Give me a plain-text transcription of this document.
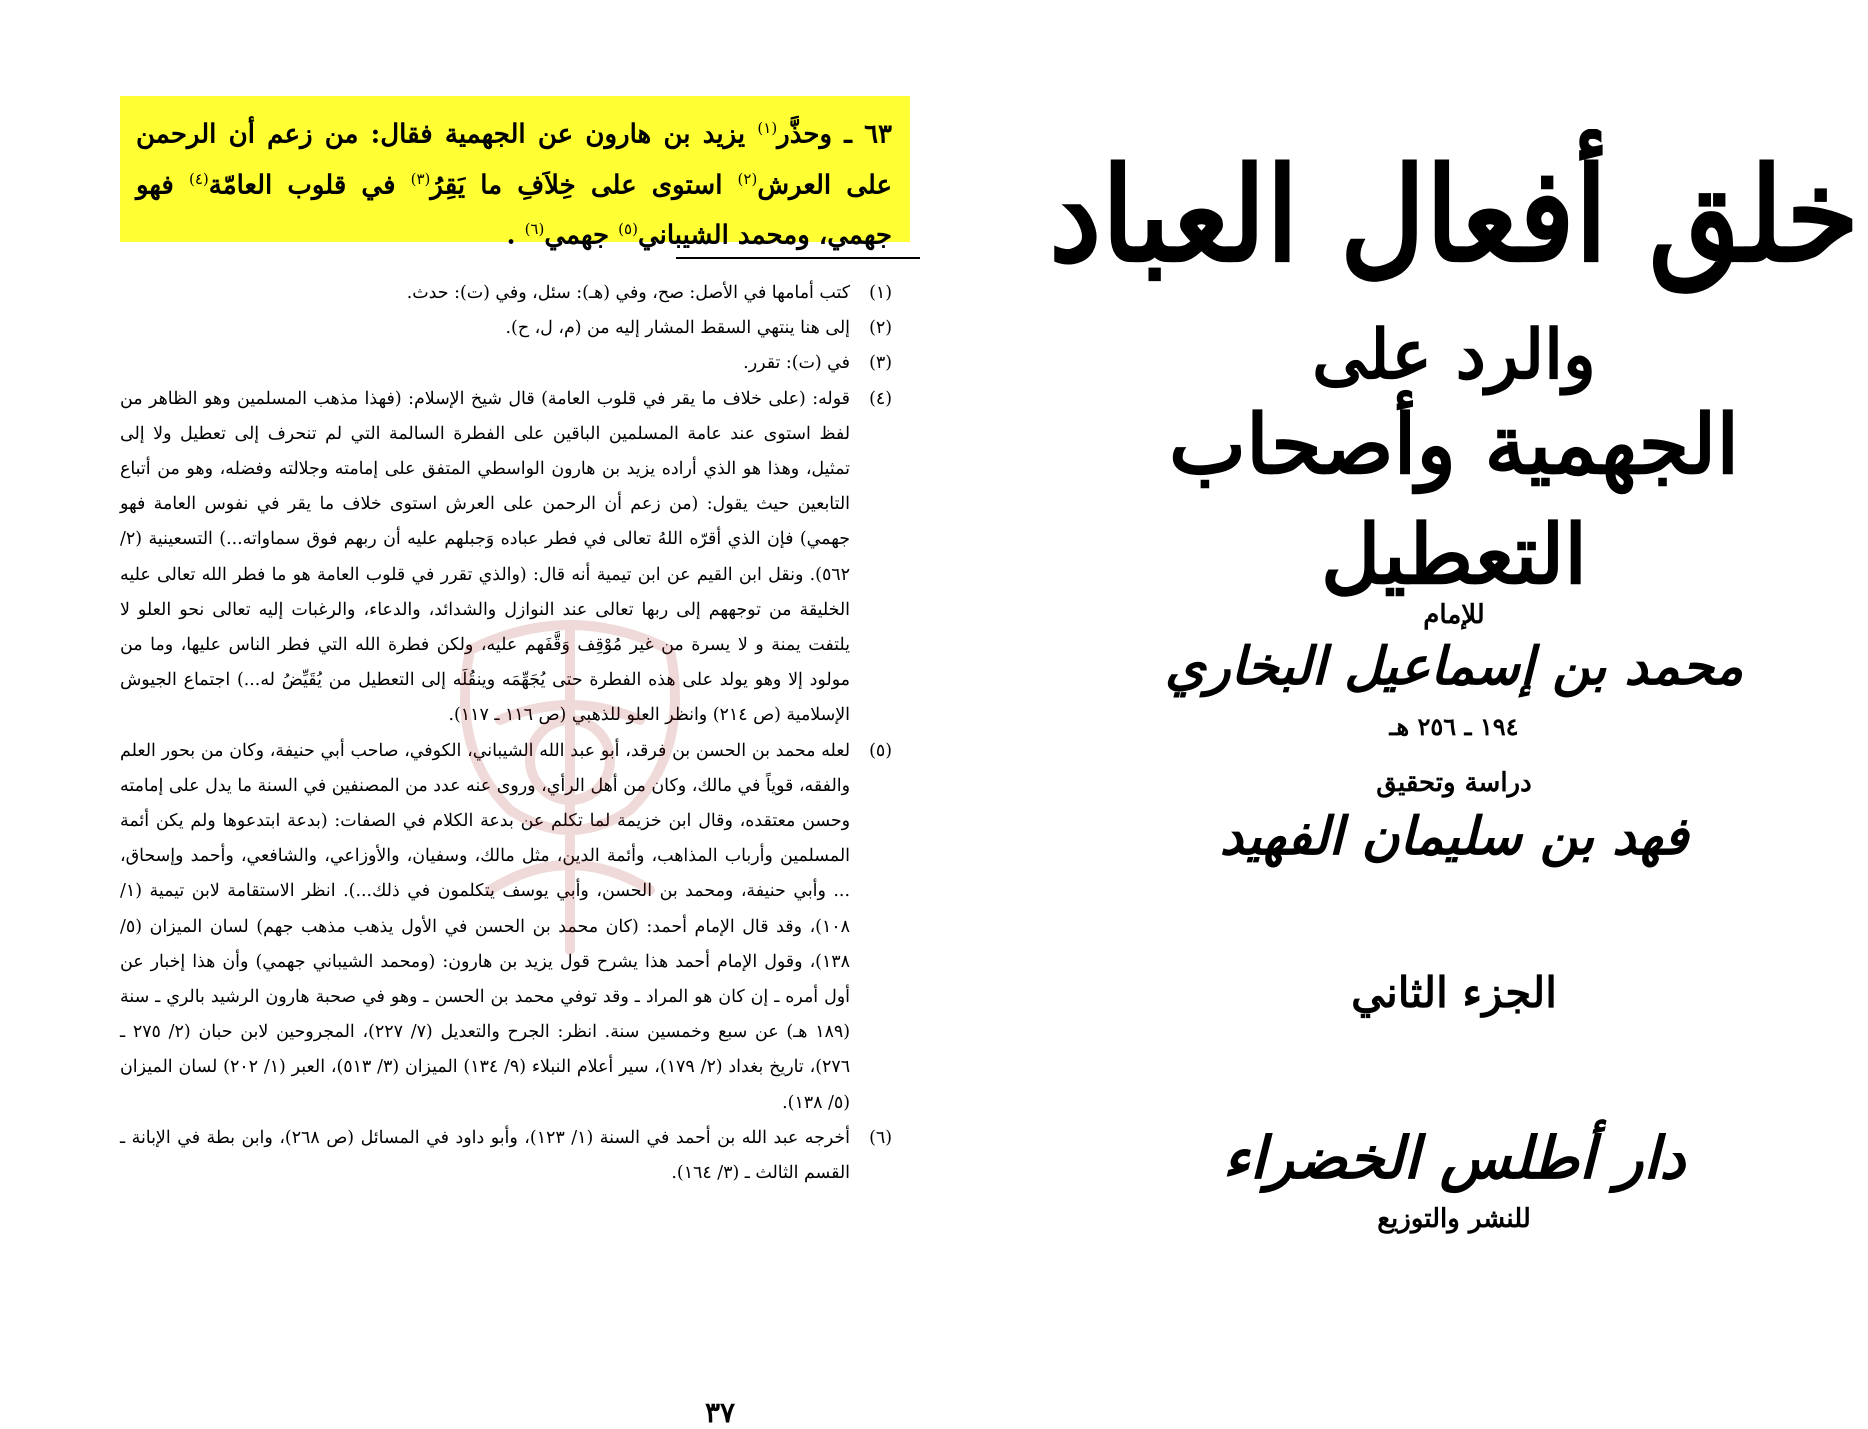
٦٣ ـ وحذَّر$^{(١)}$ يزيد بن هارون عن الجهمية فقال: من زعم أن الرحمن على العرش$^{(٢)}$ استوى على خِلاَفِ ما يَقِرُ$^{(٣)}$ في قلوب العامّة$^{(٤)}$ فهو جهمي، ومحمد الشيباني$^{(٥)}$ جهمي$^{(٦)}$ .
(١)
كتب أمامها في الأصل: صح، وفي (هـ): سئل، وفي (ت): حدث.
(٢)
إلى هنا ينتهي السقط المشار إليه من (م، ل، ح).
(٣)
في (ت): تقرر.
(٤)
قوله: (على خلاف ما يقر في قلوب العامة) قال شيخ الإسلام: (فهذا مذهب المسلمين وهو الظاهر من لفظ استوى عند عامة المسلمين الباقين على الفطرة السالمة التي لم تنحرف إلى تعطيل ولا إلى تمثيل، وهذا هو الذي أراده يزيد بن هارون الواسطي المتفق على إمامته وجلالته وفضله، وهو من أتباع التابعين حيث يقول: (من زعم أن الرحمن على العرش استوى خلاف ما يقر في نفوس العامة فهو جهمي) فإن الذي أقرّه اللهُ تعالى في فطر عباده وَجبلهم عليه أن ربهم فوق سماواته...) التسعينية (٢/ ٥٦٢). ونقل ابن القيم عن ابن تيمية أنه قال: (والذي تقرر في قلوب العامة هو ما فطر الله تعالى عليه الخليقة من توجههم إلى ربها تعالى عند النوازل والشدائد، والدعاء، والرغبات إليه تعالى نحو العلو لا يلتفت يمنة و لا يسرة من غير مُوْقِف وَقَّفَهم عليه، ولكن فطرة الله التي فطر الناس عليها، وما من مولود إلا وهو يولد على هذه الفطرة حتى يُجَهِّمَه وينقُلَه إلى التعطيل من يُقَيِّضُ له...) اجتماع الجيوش الإسلامية (ص ٢١٤) وانظر العلو للذهبي (ص ١١٦ ـ ١١٧).
(٥)
لعله محمد بن الحسن بن فرقد، أبو عبد الله الشيباني، الكوفي، صاحب أبي حنيفة، وكان من بحور العلم والفقه، قوياً في مالك، وكان من أهل الرأي، وروى عنه عدد من المصنفين في السنة ما يدل على إمامته وحسن معتقده، وقال ابن خزيمة لما تكلم عن بدعة الكلام في الصفات: (بدعة ابتدعوها ولم يكن أئمة المسلمين وأرباب المذاهب، وأئمة الدين، مثل مالك، وسفيان، والأوزاعي، والشافعي، وأحمد وإسحاق، ... وأبي حنيفة، ومحمد بن الحسن، وأبي يوسف يتكلمون في ذلك...). انظر الاستقامة لابن تيمية (١/ ١٠٨)، وقد قال الإمام أحمد: (كان محمد بن الحسن في الأول يذهب مذهب جهم) لسان الميزان (٥/ ١٣٨)، وقول الإمام أحمد هذا يشرح قول يزيد بن هارون: (ومحمد الشيباني جهمي) وأن هذا إخبار عن أول أمره ـ إن كان هو المراد ـ وقد توفي محمد بن الحسن ـ وهو في صحبة هارون الرشيد بالري ـ سنة (١٨٩ هـ) عن سبع وخمسين سنة. انظر: الجرح والتعديل (٧/ ٢٢٧)، المجروحين لابن حبان (٢/ ٢٧٥ ـ ٢٧٦)، تاريخ بغداد (٢/ ١٧٩)، سير أعلام النبلاء (٩/ ١٣٤) الميزان (٣/ ٥١٣)، العبر (١/ ٢٠٢) لسان الميزان (٥/ ١٣٨).
(٦)
أخرجه عبد الله بن أحمد في السنة (١/ ١٢٣)، وأبو داود في المسائل (ص ٢٦٨)، وابن بطة في الإبانة ـ القسم الثالث ـ (٣/ ١٦٤).
٣٧
خلق أفعال العباد
والرد على
الجهمية وأصحاب التعطيل
للإمام
محمد بن إسماعيل البخاري
١٩٤ ـ ٢٥٦ هـ
دراسة وتحقيق
فهد بن سليمان الفهيد
الجزء الثاني
دار أطلس الخضراء
للنشر والتوزيع
